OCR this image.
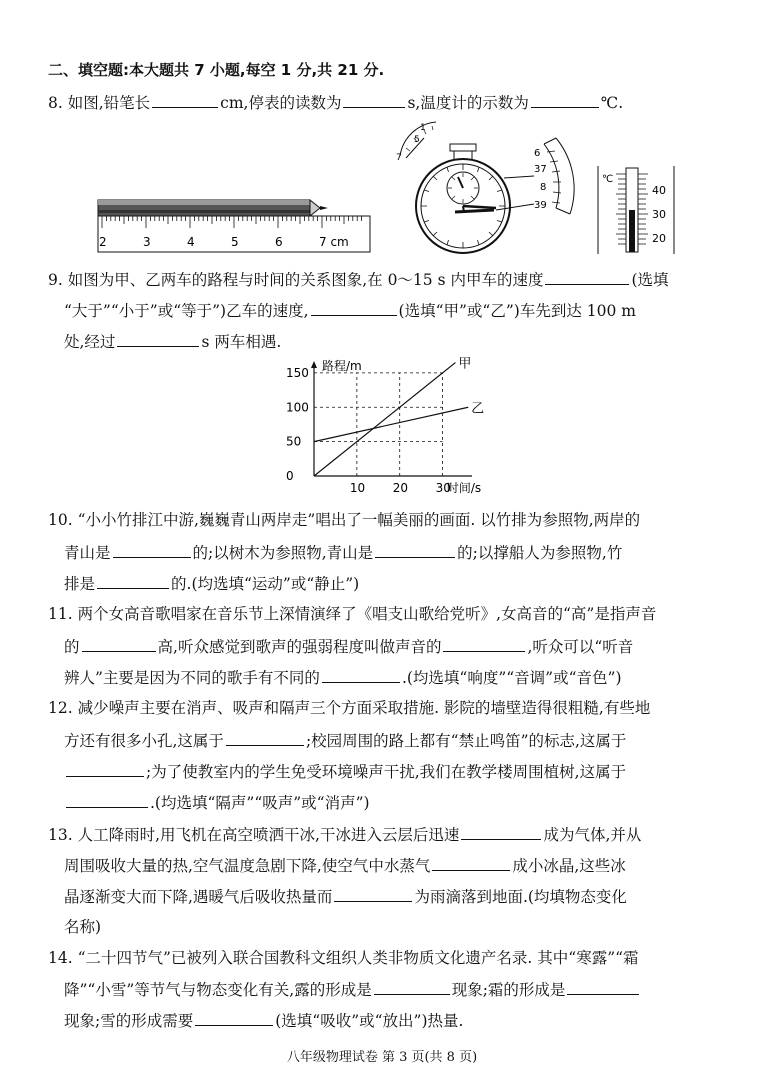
二、填空题:本大题共 7 小题,每空 1 分,共 21 分.
8. 如图,铅笔长	cm,停表的读数为	s,温度计的示数为	℃.
2	3	4	5	6	7 cm
7
5
1
6
37
8
39
℃
40
30
20
9. 如图为甲、乙两车的路程与时间的关系图象,在 0～15 s 内甲车的速度	(选填
“大于”“小于”或“等于”)乙车的速度,	(选填“甲”或“乙”)车先到达 100 m
处,经过	s 两车相遇.
甲
乙
10 20 30
0
50
100
150
时间/s
路程/m
10. “小小竹排江中游,巍巍青山两岸走”唱出了一幅美丽的画面. 以竹排为参照物,两岸的
青山是	的;以树木为参照物,青山是	的;以撑船人为参照物,竹
排是	的.(均选填“运动”或“静止”)
11. 两个女高音歌唱家在音乐节上深情演绎了《唱支山歌给党听》,女高音的“高”是指声音
的	高,听众感觉到歌声的强弱程度叫做声音的	,听众可以“听音
辨人”主要是因为不同的歌手有不同的	.(均选填“响度”“音调”或“音色”)
12. 减少噪声主要在消声、吸声和隔声三个方面采取措施. 影院的墙壁造得很粗糙,有些地
方还有很多小孔,这属于	;校园周围的路上都有“禁止鸣笛”的标志,这属于
;为了使教室内的学生免受环境噪声干扰,我们在教学楼周围植树,这属于
.(均选填“隔声”“吸声”或“消声”)
13. 人工降雨时,用飞机在高空喷洒干冰,干冰进入云层后迅速	成为气体,并从
周围吸收大量的热,空气温度急剧下降,使空气中水蒸气	成小冰晶,这些冰
晶逐渐变大而下降,遇暖气后吸收热量而	为雨滴落到地面.(均填物态变化
名称)
14. “二十四节气”已被列入联合国教科文组织人类非物质文化遗产名录. 其中“寒露”“霜
降”“小雪”等节气与物态变化有关,露的形成是	现象;霜的形成是
现象;雪的形成需要	(选填“吸收”或“放出”)热量.
八年级物理试卷 第 3 页(共 8 页)
